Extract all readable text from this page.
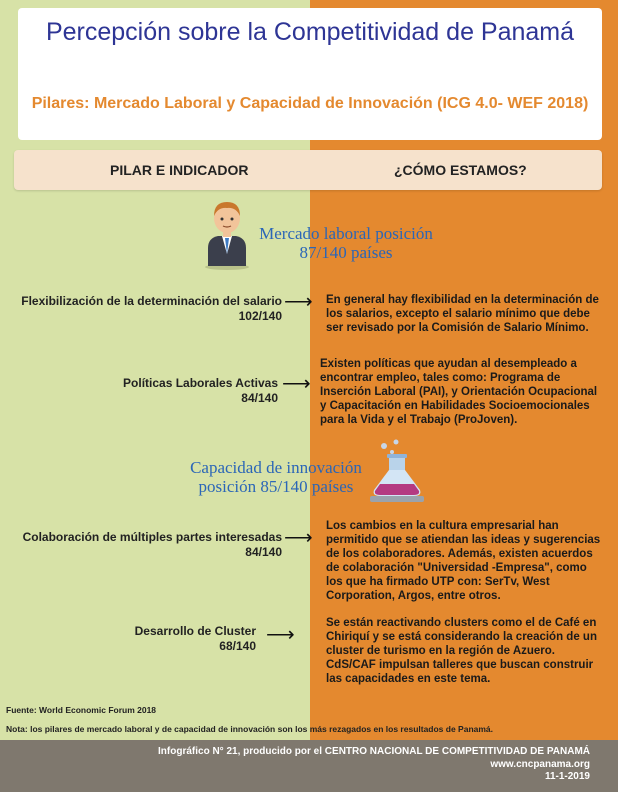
Percepción sobre la Competitividad de Panamá
Pilares: Mercado Laboral y Capacidad de Innovación (ICG 4.0- WEF 2018)
PILAR E INDICADOR	¿CÓMO ESTAMOS?
Mercado laboral posición
87/140 países
Flexibilización de la determinación del salario
102/140
⟶ En general hay flexibilidad en la determinación de los salarios, excepto el salario mínimo que debe ser revisado por la Comisión de Salario Mínimo.
Políticas Laborales Activas
84/140
⟶
Existen políticas que ayudan al desempleado a encontrar empleo, tales como: Programa de Inserción Laboral (PAI), y Orientación Ocupacional y Capacitación en Habilidades Socioemocionales para la Vida y el Trabajo (ProJoven).
Capacidad de innovación
posición 85/140 países
Colaboración de múltiples partes interesadas
84/140
⟶
Los cambios en la cultura empresarial han permitido que se atiendan las ideas y sugerencias de los colaboradores. Además, existen acuerdos de colaboración "Universidad -Empresa", como los que ha firmado UTP con: SerTv, West Corporation, Argos, entre otros.
Desarrollo de Cluster
68/140 ⟶
Se están reactivando clusters como el de Café en Chiriquí y se está considerando la creación de un cluster de turismo en la región de Azuero. CdS/CAF impulsan talleres que buscan construir las capacidades en este tema.
Fuente: World Economic Forum 2018
Nota: los pilares de mercado laboral y de capacidad de innovación son los más rezagados en los resultados de Panamá.
Infográfico N° 21, producido por el CENTRO NACIONAL DE COMPETITIVIDAD DE PANAMÁ
www.cncpanama.org
11-1-2019
